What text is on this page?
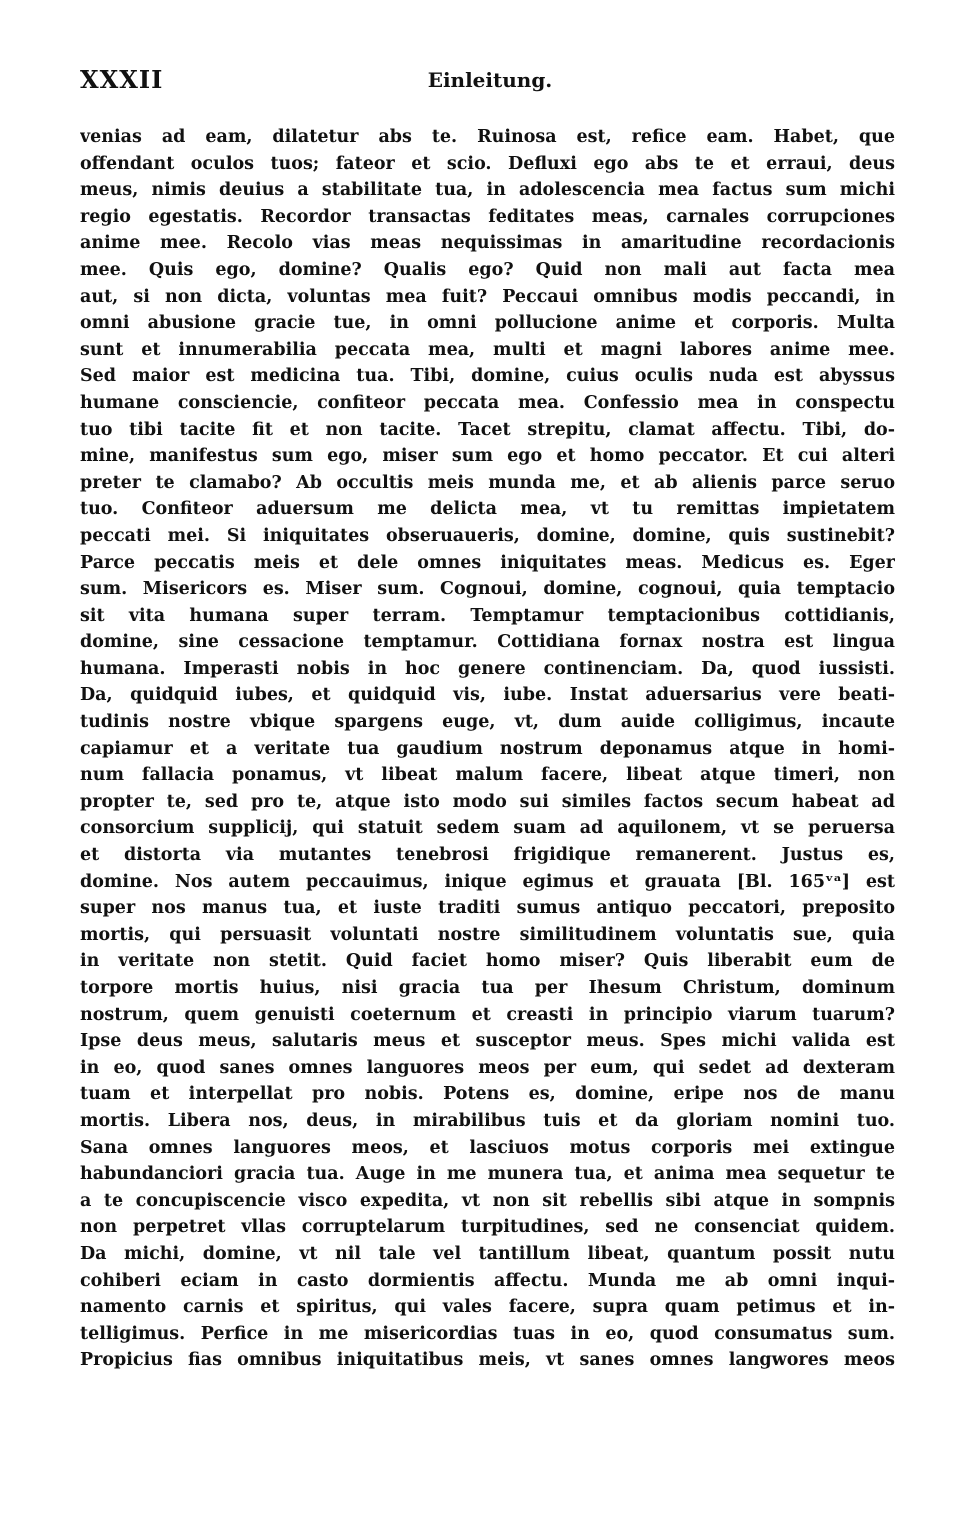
XXXII	Einleitung.
venias ad eam, dilatetur abs te. Ruinosa est, refice eam. Habet, que
offendant oculos tuos; fateor et scio. Defluxi ego abs te et erraui, deus
meus, nimis deuius a stabilitate tua, in adolescencia mea factus sum michi
regio egestatis. Recordor transactas feditates meas, carnales corrupciones
anime mee. Recolo vias meas nequissimas in amaritudine recordacionis
mee. Quis ego, domine? Qualis ego? Quid non mali aut facta mea
aut, si non dicta, voluntas mea fuit? Peccaui omnibus modis peccandi, in
omni abusione gracie tue, in omni pollucione anime et corporis. Multa
sunt et innumerabilia peccata mea, multi et magni labores anime mee.
Sed maior est medicina tua. Tibi, domine, cuius oculis nuda est abyssus
humane consciencie, confiteor peccata mea. Confessio mea in conspectu
tuo tibi tacite fit et non tacite. Tacet strepitu, clamat affectu. Tibi, do-
mine, manifestus sum ego, miser sum ego et homo peccator. Et cui alteri
preter te clamabo? Ab occultis meis munda me, et ab alienis parce seruo
tuo. Confiteor aduersum me delicta mea, vt tu remittas impietatem
peccati mei. Si iniquitates obseruaueris, domine, domine, quis sustinebit?
Parce peccatis meis et dele omnes iniquitates meas. Medicus es. Eger
sum. Misericors es. Miser sum. Cognoui, domine, cognoui, quia temptacio
sit vita humana super terram. Temptamur temptacionibus cottidianis,
domine, sine cessacione temptamur. Cottidiana fornax nostra est lingua
humana. Imperasti nobis in hoc genere continenciam. Da, quod iussisti.
Da, quidquid iubes, et quidquid vis, iube. Instat aduersarius vere beati-
tudinis nostre vbique spargens euge, vt, dum auide colligimus, incaute
capiamur et a veritate tua gaudium nostrum deponamus atque in homi-
num fallacia ponamus, vt libeat malum facere, libeat atque timeri, non
propter te, sed pro te, atque isto modo sui similes factos secum habeat ad
consorcium supplicij, qui statuit sedem suam ad aquilonem, vt se peruersa
et distorta via mutantes tenebrosi frigidique remanerent. Justus es,
domine. Nos autem peccauimus, inique egimus et grauata [Bl. 165ᵛᵃ] est
super nos manus tua, et iuste traditi sumus antiquo peccatori, preposito
mortis, qui persuasit voluntati nostre similitudinem voluntatis sue, quia
in veritate non stetit. Quid faciet homo miser? Quis liberabit eum de
torpore mortis huius, nisi gracia tua per Ihesum Christum, dominum
nostrum, quem genuisti coeternum et creasti in principio viarum tuarum?
Ipse deus meus, salutaris meus et susceptor meus. Spes michi valida est
in eo, quod sanes omnes languores meos per eum, qui sedet ad dexteram
tuam et interpellat pro nobis. Potens es, domine, eripe nos de manu
mortis. Libera nos, deus, in mirabilibus tuis et da gloriam nomini tuo.
Sana omnes languores meos, et lasciuos motus corporis mei extingue
habundanciori gracia tua. Auge in me munera tua, et anima mea sequetur te
a te concupiscencie visco expedita, vt non sit rebellis sibi atque in sompnis
non perpetret vllas corruptelarum turpitudines, sed ne consenciat quidem.
Da michi, domine, vt nil tale vel tantillum libeat, quantum possit nutu
cohiberi eciam in casto dormientis affectu. Munda me ab omni inqui-
namento carnis et spiritus, qui vales facere, supra quam petimus et in-
telligimus. Perfice in me misericordias tuas in eo, quod consumatus sum.
Propicius fias omnibus iniquitatibus meis, vt sanes omnes langwores meos
